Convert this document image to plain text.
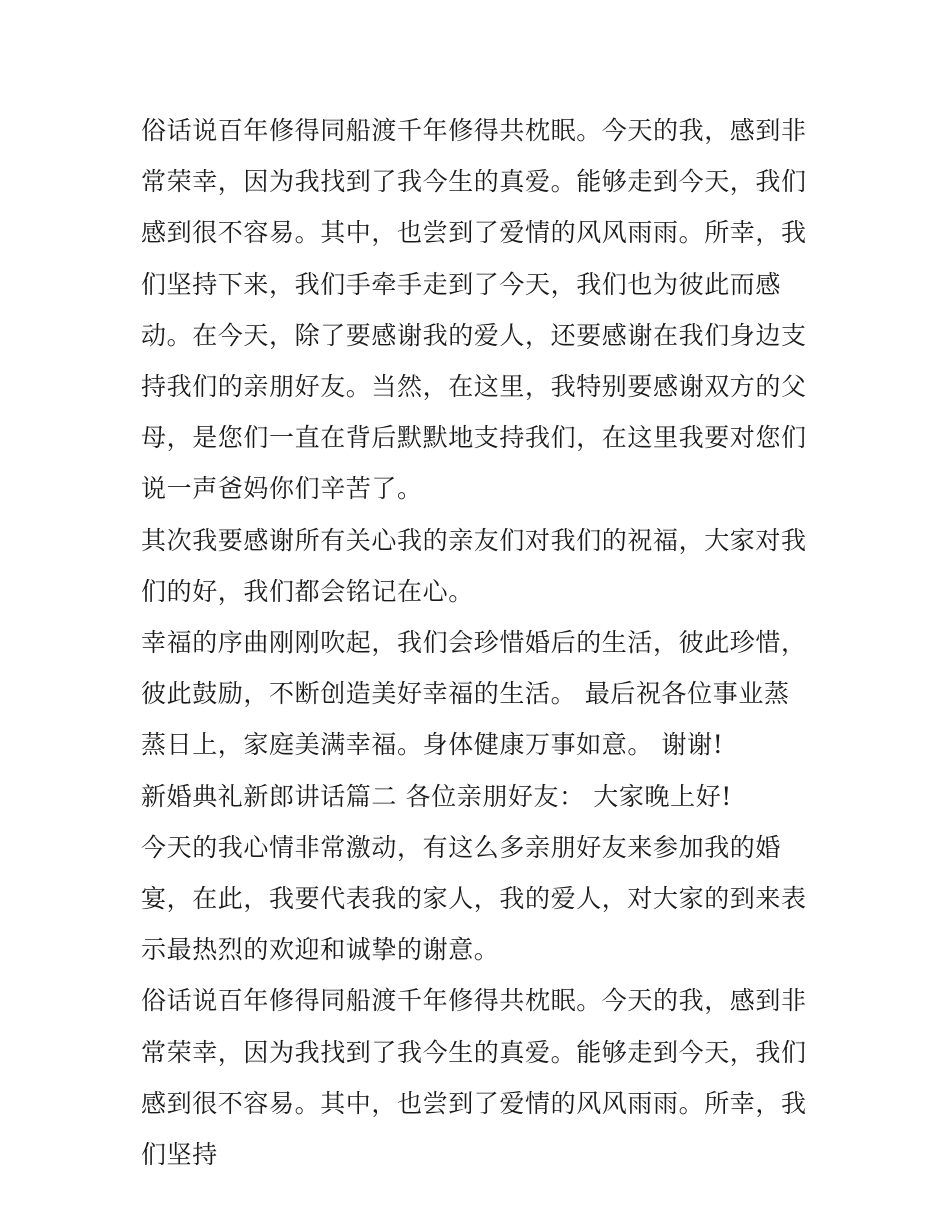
俗话说百年修得同船渡千年修得共枕眠。今天的我，感到非常荣幸，因为我找到了我今生的真爱。能够走到今天，我们感到很不容易。其中，也尝到了爱情的风风雨雨。所幸，我们坚持下来，我们手牵手走到了今天，我们也为彼此而感动。在今天，除了要感谢我的爱人，还要感谢在我们身边支持我们的亲朋好友。当然，在这里，我特别要感谢双方的父母，是您们一直在背后默默地支持我们，在这里我要对您们说一声爸妈你们辛苦了。

其次我要感谢所有关心我的亲友们对我们的祝福，大家对我们的好，我们都会铭记在心。

幸福的序曲刚刚吹起，我们会珍惜婚后的生活，彼此珍惜，彼此鼓励，不断创造美好幸福的生活。 最后祝各位事业蒸蒸日上，家庭美满幸福。身体健康万事如意。 谢谢!

新婚典礼新郎讲话篇二 各位亲朋好友： 大家晚上好!

今天的我心情非常激动，有这么多亲朋好友来参加我的婚宴，在此，我要代表我的家人，我的爱人，对大家的到来表示最热烈的欢迎和诚挚的谢意。

俗话说百年修得同船渡千年修得共枕眠。今天的我，感到非常荣幸，因为我找到了我今生的真爱。能够走到今天，我们感到很不容易。其中，也尝到了爱情的风风雨雨。所幸，我们坚持
